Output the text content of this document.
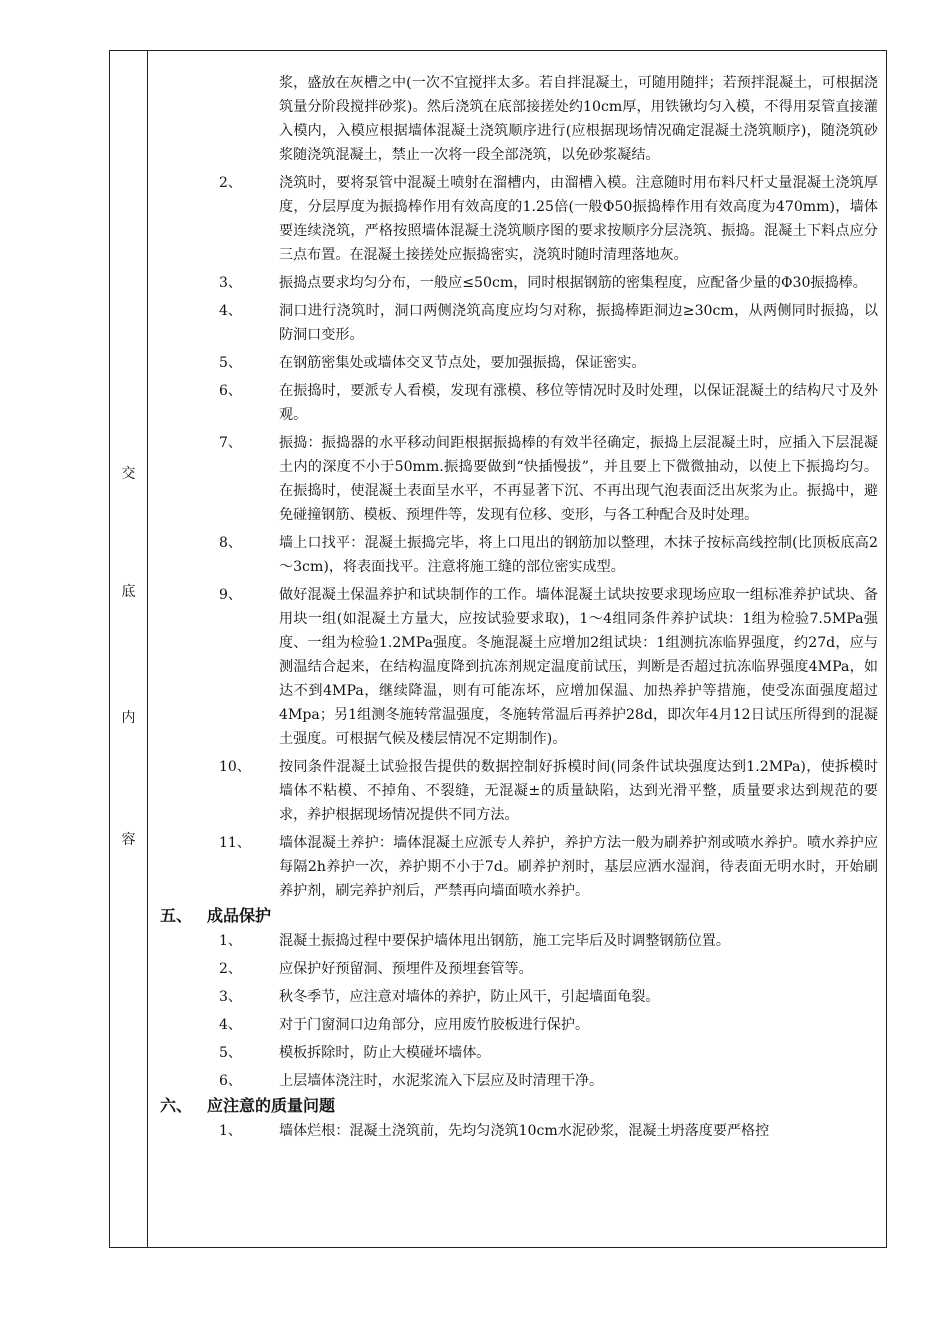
交
底
内
容
浆，盛放在灰槽之中(一次不宜搅拌太多。若自拌混凝土，可随用随拌；若预拌混凝土，可根据浇筑量分阶段搅拌砂浆)。然后浇筑在底部接搓处约10cm厚，用铁锹均匀入模，不得用泵管直接灌入模内，入模应根据墙体混凝土浇筑顺序进行(应根据现场情况确定混凝土浇筑顺序)，随浇筑砂浆随浇筑混凝土，禁止一次将一段全部浇筑，以免砂浆凝结。
2、	浇筑时，要将泵管中混凝土喷射在溜槽内，由溜槽入模。注意随时用布料尺杆丈量混凝土浇筑厚度，分层厚度为振捣棒作用有效高度的1.25倍(一般Φ50振捣棒作用有效高度为470mm)，墙体要连续浇筑，严格按照墙体混凝土浇筑顺序图的要求按顺序分层浇筑、振捣。混凝土下料点应分三点布置。在混凝土接搓处应振捣密实，浇筑时随时清理落地灰。
3、	振捣点要求均匀分布，一般应≤50cm，同时根据钢筋的密集程度，应配备少量的Φ30振捣棒。
4、	洞口进行浇筑时，洞口两侧浇筑高度应均匀对称，振捣棒距洞边≥30cm，从两侧同时振捣，以防洞口变形。
5、	在钢筋密集处或墙体交叉节点处，要加强振捣，保证密实。
6、	在振捣时，要派专人看模，发现有涨模、移位等情况时及时处理，以保证混凝土的结构尺寸及外观。
7、	振捣：振捣器的水平移动间距根据振捣棒的有效半径确定，振捣上层混凝土时，应插入下层混凝土内的深度不小于50mm.振捣要做到“快插慢拔”，并且要上下微微抽动，以使上下振捣均匀。在振捣时，使混凝土表面呈水平，不再显著下沉、不再出现气泡表面泛出灰浆为止。振捣中，避免碰撞钢筋、模板、预埋件等，发现有位移、变形，与各工种配合及时处理。
8、	墙上口找平：混凝土振捣完毕，将上口甩出的钢筋加以整理，木抹子按标高线控制(比顶板底高2～3cm)，将表面找平。注意将施工缝的部位密实成型。
9、	做好混凝土保温养护和试块制作的工作。墙体混凝土试块按要求现场应取一组标准养护试块、备用块一组(如混凝土方量大，应按试验要求取)，1～4组同条件养护试块：1组为检验7.5MPa强度、一组为检验1.2MPa强度。冬施混凝土应增加2组试块：1组测抗冻临界强度，约27d，应与测温结合起来，在结构温度降到抗冻剂规定温度前试压，判断是否超过抗冻临界强度4MPa，如达不到4MPa，继续降温，则有可能冻坏，应增加保温、加热养护等措施，使受冻面强度超过4Mpa；另1组测冬施转常温强度，冬施转常温后再养护28d，即次年4月12日试压所得到的混凝土强度。可根据气候及楼层情况不定期制作)。
10、 按同条件混凝土试验报告提供的数据控制好拆模时间(同条件试块强度达到1.2MPa)，使拆模时墙体不粘模、不掉角、不裂缝，无混凝±的质量缺陷，达到光滑平整，质量要求达到规范的要求，养护根据现场情况提供不同方法。
11、 墙体混凝土养护：墙体混凝土应派专人养护，养护方法一般为刷养护剂或喷水养护。喷水养护应每隔2h养护一次，养护期不小于7d。刷养护剂时，基层应洒水湿润，待表面无明水时，开始刷养护剂，刷完养护剂后，严禁再向墙面喷水养护。
五、 成品保护
1、	混凝土振捣过程中要保护墙体甩出钢筋，施工完毕后及时调整钢筋位置。
2、	应保护好预留洞、预埋件及预埋套管等。
3、	秋冬季节，应注意对墙体的养护，防止风干，引起墙面龟裂。
4、	对于门窗洞口边角部分，应用废竹胶板进行保护。
5、	模板拆除时，防止大模碰坏墙体。
6、	上层墙体浇注时，水泥浆流入下层应及时清理干净。
六、 应注意的质量问题
1、	墙体烂根：混凝土浇筑前，先均匀浇筑10cm水泥砂浆，混凝土坍落度要严格控
